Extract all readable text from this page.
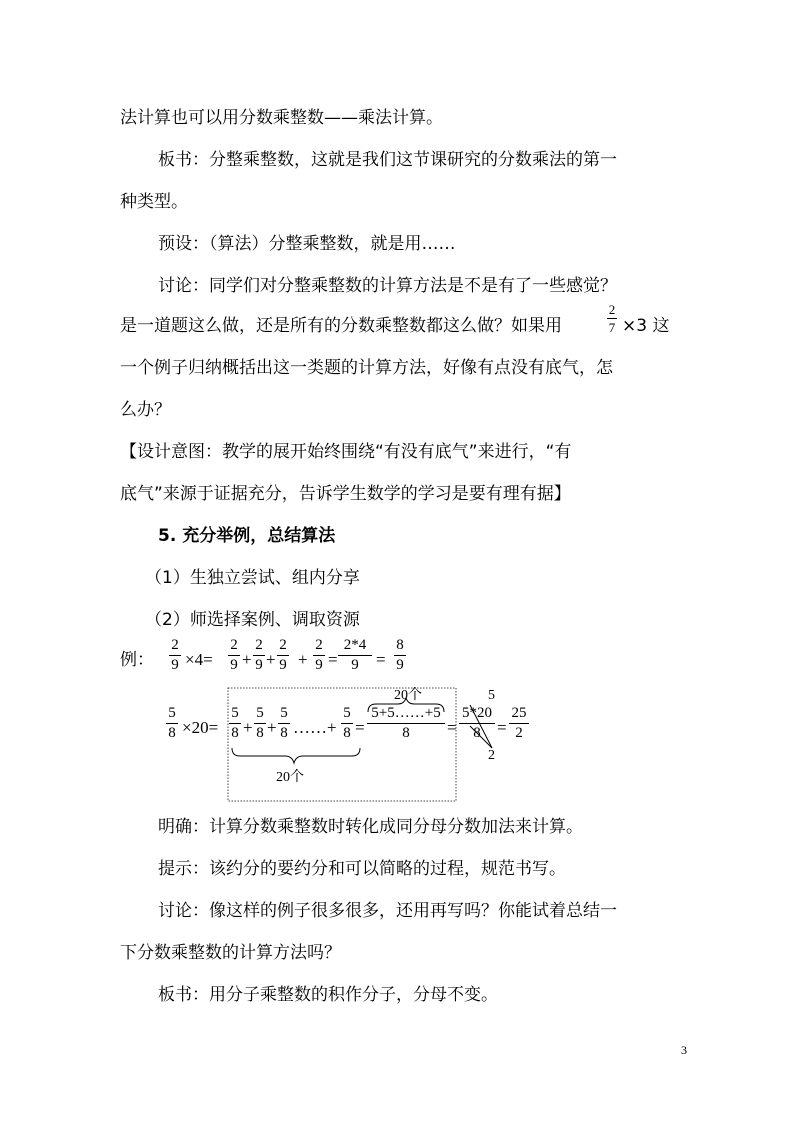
法计算也可以用分数乘整数——乘法计算。
板书：分整乘整数，这就是我们这节课研究的分数乘法的第一
种类型。
预设：（算法）分整乘整数，就是用……
讨论：同学们对分整乘整数的计算方法是不是有了一些感觉？
是一道题这么做，还是所有的分数乘整数都这么做？如果用
2
7 ×3 这
一个例子归纳概括出这一类题的计算方法，好像有点没有底气，怎
么办？
【设计意图：教学的展开始终围绕“有没有底气”来进行，“有
底气”来源于证据充分，告诉学生数学的学习是要有理有据】
5. 充分举例，总结算法
（1）生独立尝试、组内分享
（2）师选择案例、调取资源
例：
2
9 ×4=
2
9 +
2
9 +
2
9 +
2
9 =
2*4
9	=
8
9
5
8 ×20=
5
8 +
5
8 +
5
8 ……+
5
8 =
20个
5+5……+5
8	=
5
5*20
8
2
=
25
2
20个
明确：计算分数乘整数时转化成同分母分数加法来计算。
提示：该约分的要约分和可以简略的过程，规范书写。
讨论：像这样的例子很多很多，还用再写吗？你能试着总结一
下分数乘整数的计算方法吗？
板书：用分子乘整数的积作分子，分母不变。
3
